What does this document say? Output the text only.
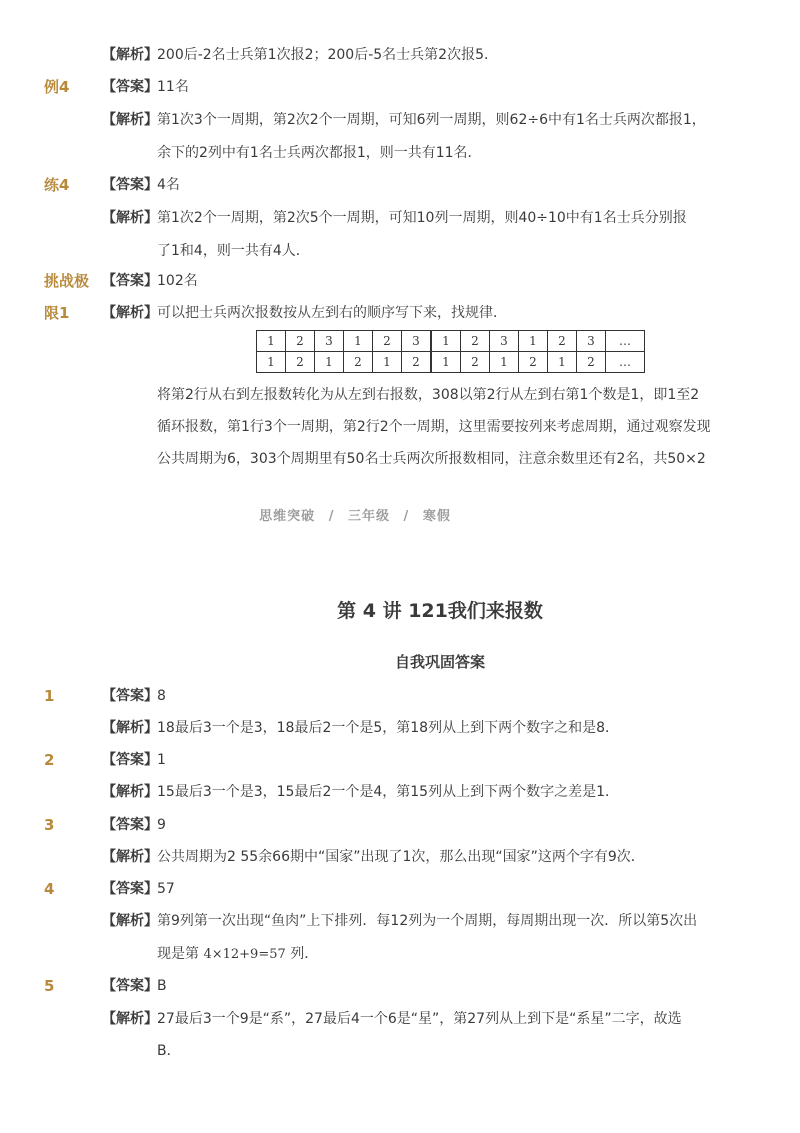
【解析】 200后-2名士兵第1次报2；200后-5名士兵第2次报5．
例4 【答案】 11名
【解析】 第1次3个一周期，第2次2个一周期，可知6列一周期，则62÷6中有1名士兵两次都报1，
余下的2列中有1名士兵两次都报1，则一共有11名．
练4 【答案】 4名
【解析】 第1次2个一周期，第2次5个一周期，可知10列一周期，则40÷10中有1名士兵分别报
了1和4，则一共有4人．
挑战极 【答案】 102名
限1 【解析】 可以把士兵两次报数按从左到右的顺序写下来，找规律．
1	2	3	1	2	3	1	2	3	1	2	3	…
1	2	1	2	1	2	1	2	1	2	1	2	…
将第2行从右到左报数转化为从左到右报数，308以第2行从左到右第1个数是1，即1至2
循环报数，第1行3个一周期，第2行2个一周期，这里需要按列来考虑周期，通过观察发现
公共周期为6，303个周期里有50名士兵两次所报数相同，注意余数里还有2名，共50×2
思维突破 / 三年级 / 寒假
第 4 讲 121我们来报数
自我巩固答案
1	【答案】 8
【解析】 18最后3一个是3，18最后2一个是5，第18列从上到下两个数字之和是8．
2	【答案】 1
【解析】 15最后3一个是3，15最后2一个是4，第15列从上到下两个数字之差是1．
3	【答案】 9
【解析】 公共周期为2 55余66期中“国家”出现了1次，那么出现“国家”这两个字有9次．
4	【答案】 57
【解析】 第9列第一次出现“鱼肉”上下排列．每12列为一个周期，每周期出现一次．所以第5次出
现是第 4×12+9=57 列．
5	【答案】 B
【解析】 27最后3一个9是“系”，27最后4一个6是“星”，第27列从上到下是“系星”二字，故选
B．
